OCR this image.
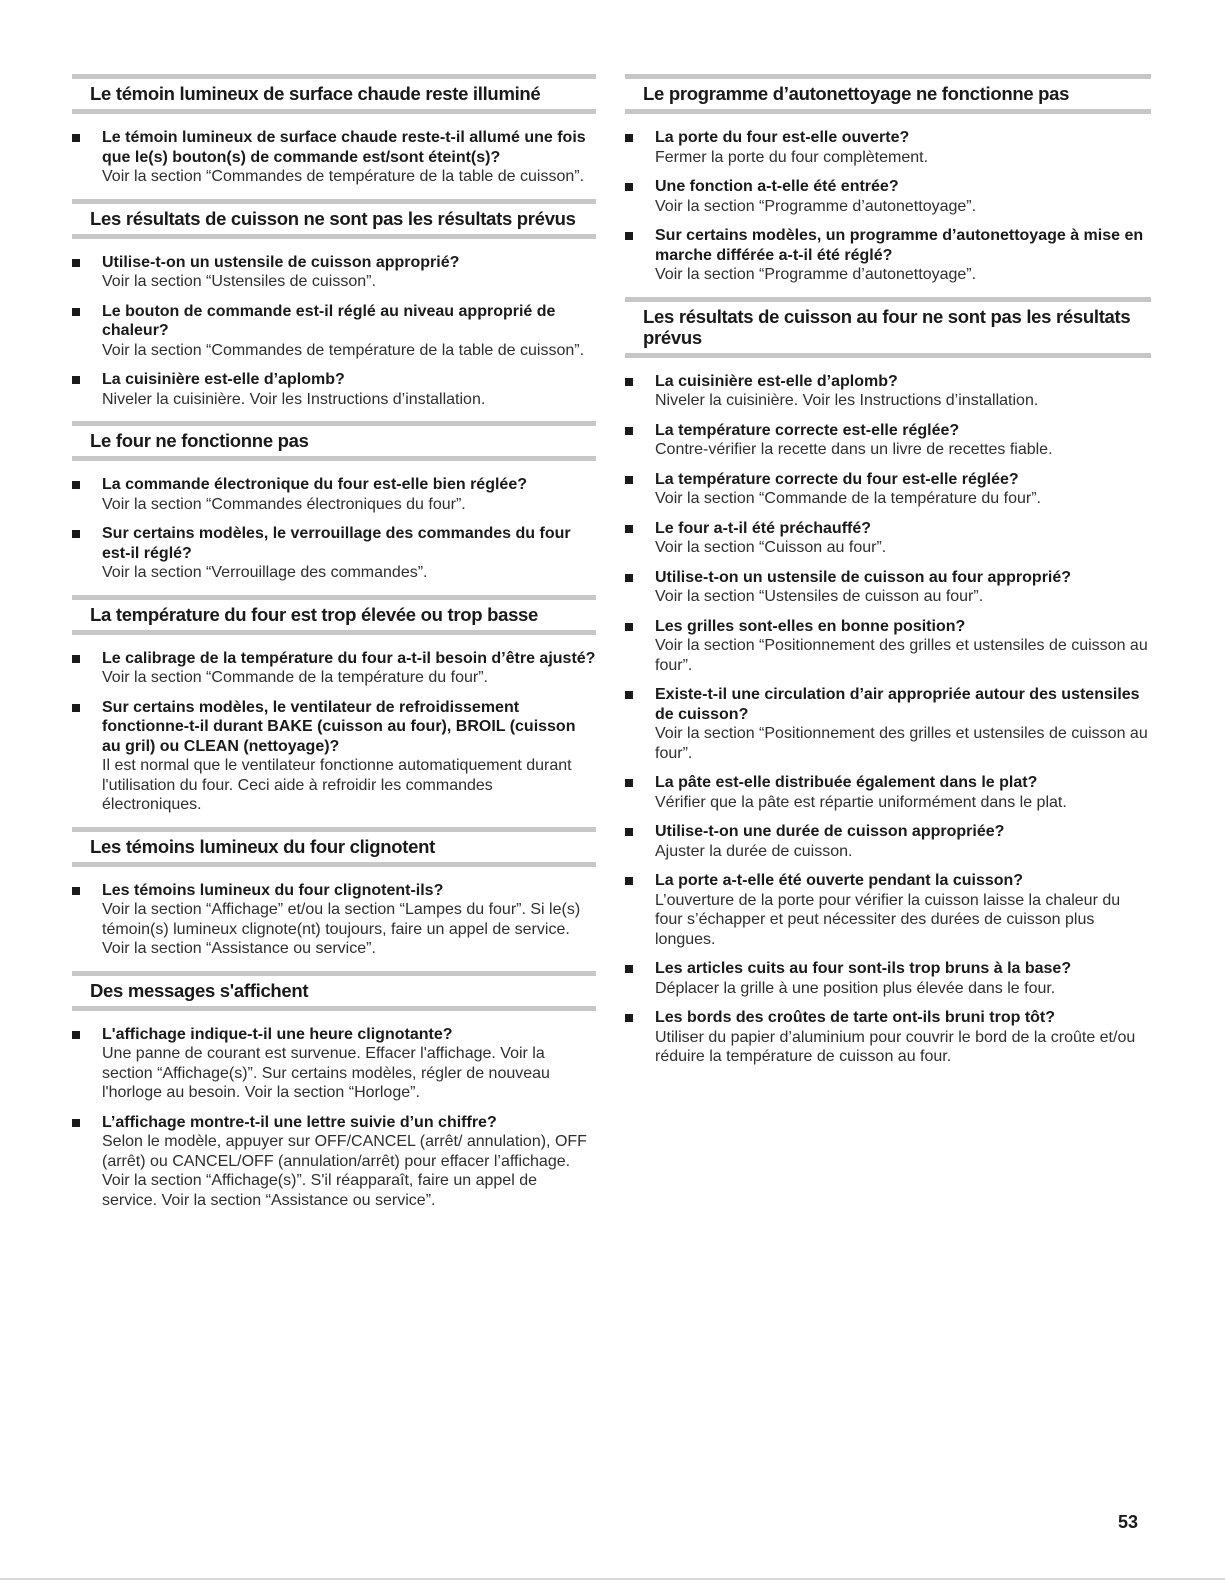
Le témoin lumineux de surface chaude reste illuminé

Le témoin lumineux de surface chaude reste-t-il allumé une fois que le(s) bouton(s) de commande est/sont éteint(s)?

Voir la section “Commandes de température de la table de cuisson”.

Les résultats de cuisson ne sont pas les résultats prévus

Utilise-t-on un ustensile de cuisson approprié?

Voir la section “Ustensiles de cuisson”.

Le bouton de commande est-il réglé au niveau approprié de chaleur?

Voir la section “Commandes de température de la table de cuisson”.

La cuisinière est-elle d’aplomb?

Niveler la cuisinière. Voir les Instructions d’installation.

Le four ne fonctionne pas

La commande électronique du four est-elle bien réglée?

Voir la section “Commandes électroniques du four”.

Sur certains modèles, le verrouillage des commandes du four est-il réglé?

Voir la section “Verrouillage des commandes”.

La température du four est trop élevée ou trop basse

Le calibrage de la température du four a-t-il besoin d’être ajusté?

Voir la section “Commande de la température du four”.

Sur certains modèles, le ventilateur de refroidissement fonctionne-t-il durant BAKE (cuisson au four), BROIL (cuisson au gril) ou CLEAN (nettoyage)?

Il est normal que le ventilateur fonctionne automatiquement durant l'utilisation du four. Ceci aide à refroidir les commandes électroniques.

Les témoins lumineux du four clignotent

Les témoins lumineux du four clignotent-ils?

Voir la section “Affichage” et/ou la section “Lampes du four”. Si le(s) témoin(s) lumineux clignote(nt) toujours, faire un appel de service. Voir la section “Assistance ou service”.

Des messages s'affichent

L'affichage indique-t-il une heure clignotante?

Une panne de courant est survenue. Effacer l'affichage. Voir la section “Affichage(s)”. Sur certains modèles, régler de nouveau l'horloge au besoin. Voir la section “Horloge”.

L’affichage montre-t-il une lettre suivie d’un chiffre?

Selon le modèle, appuyer sur OFF/CANCEL (arrêt/ annulation), OFF (arrêt) ou CANCEL/OFF (annulation/arrêt) pour effacer l’affichage. Voir la section “Affichage(s)”. S'il réapparaît, faire un appel de service. Voir la section “Assistance ou service”.

Le programme d’autonettoyage ne fonctionne pas

La porte du four est-elle ouverte?

Fermer la porte du four complètement.

Une fonction a-t-elle été entrée?

Voir la section “Programme d’autonettoyage”.

Sur certains modèles, un programme d’autonettoyage à mise en marche différée a-t-il été réglé?

Voir la section “Programme d’autonettoyage”.

Les résultats de cuisson au four ne sont pas les résultats prévus

La cuisinière est-elle d’aplomb?

Niveler la cuisinière. Voir les Instructions d’installation.

La température correcte est-elle réglée?

Contre-vérifier la recette dans un livre de recettes fiable.

La température correcte du four est-elle réglée?

Voir la section “Commande de la température du four”.

Le four a-t-il été préchauffé?

Voir la section “Cuisson au four”.

Utilise-t-on un ustensile de cuisson au four approprié?

Voir la section “Ustensiles de cuisson au four”.

Les grilles sont-elles en bonne position?

Voir la section “Positionnement des grilles et ustensiles de cuisson au four”.

Existe-t-il une circulation d’air appropriée autour des ustensiles de cuisson?

Voir la section “Positionnement des grilles et ustensiles de cuisson au four”.

La pâte est-elle distribuée également dans le plat?

Vérifier que la pâte est répartie uniformément dans le plat.

Utilise-t-on une durée de cuisson appropriée?

Ajuster la durée de cuisson.

La porte a-t-elle été ouverte pendant la cuisson?

L’ouverture de la porte pour vérifier la cuisson laisse la chaleur du four s’échapper et peut nécessiter des durées de cuisson plus longues.

Les articles cuits au four sont-ils trop bruns à la base?

Déplacer la grille à une position plus élevée dans le four.

Les bords des croûtes de tarte ont-ils bruni trop tôt?

Utiliser du papier d’aluminium pour couvrir le bord de la croûte et/ou réduire la température de cuisson au four.

53
